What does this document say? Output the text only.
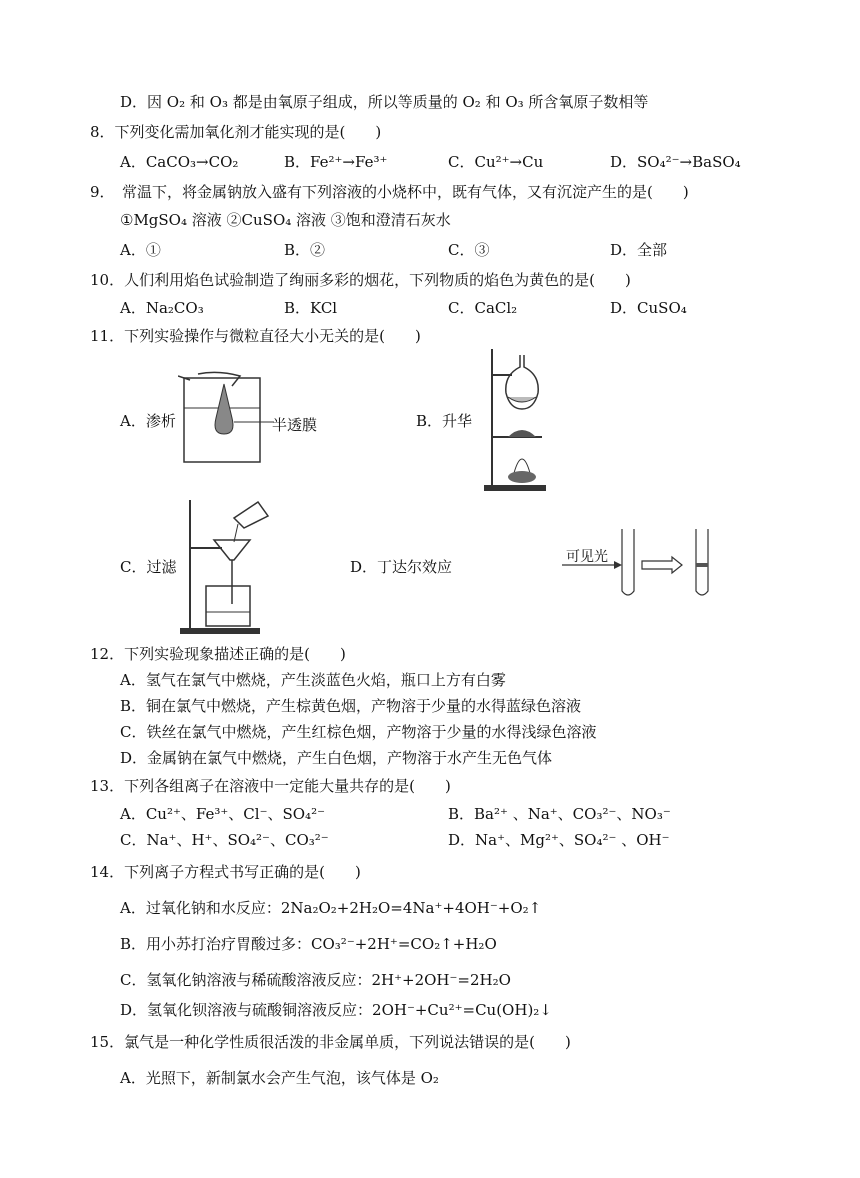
D．因 O₂ 和 O₃ 都是由氧原子组成，所以等质量的 O₂ 和 O₃ 所含氧原子数相等
8．下列变化需加氧化剂才能实现的是(　　)
A．CaCO₃→CO₂	B．Fe²⁺→Fe³⁺	C．Cu²⁺→Cu	D．SO₄²⁻→BaSO₄
9．　常温下，将金属钠放入盛有下列溶液的小烧杯中，既有气体，又有沉淀产生的是(　　)
①MgSO₄ 溶液 ②CuSO₄ 溶液 ③饱和澄清石灰水
A．①	B．②	C．③	D．全部
10．人们利用焰色试验制造了绚丽多彩的烟花，下列物质的焰色为黄色的是(　　)
A．Na₂CO₃	B．KCl	C．CaCl₂	D．CuSO₄
11．下列实验操作与微粒直径大小无关的是(　　)
A．渗析	半透膜	B．升华
C．过滤	D．丁达尔效应
可见光
12．下列实验现象描述正确的是(　　)
A．氢气在氯气中燃烧，产生淡蓝色火焰，瓶口上方有白雾
B．铜在氯气中燃烧，产生棕黄色烟，产物溶于少量的水得蓝绿色溶液
C．铁丝在氯气中燃烧，产生红棕色烟，产物溶于少量的水得浅绿色溶液
D．金属钠在氯气中燃烧，产生白色烟，产物溶于水产生无色气体
13．下列各组离子在溶液中一定能大量共存的是(　　)
A．Cu²⁺、Fe³⁺、Cl⁻、SO₄²⁻	B．Ba²⁺ 、Na⁺、CO₃²⁻、NO₃⁻
C．Na⁺、H⁺、SO₄²⁻、CO₃²⁻	D．Na⁺、Mg²⁺、SO₄²⁻ 、OH⁻
14．下列离子方程式书写正确的是(　　)
A．过氧化钠和水反应：2Na₂O₂+2H₂O=4Na⁺+4OH⁻+O₂↑
B．用小苏打治疗胃酸过多：CO₃²⁻+2H⁺=CO₂↑+H₂O
C．氢氧化钠溶液与稀硫酸溶液反应：2H⁺+2OH⁻=2H₂O
D．氢氧化钡溶液与硫酸铜溶液反应：2OH⁻+Cu²⁺=Cu(OH)₂↓
15．氯气是一种化学性质很活泼的非金属单质，下列说法错误的是(　　)
A．光照下，新制氯水会产生气泡，该气体是 O₂
